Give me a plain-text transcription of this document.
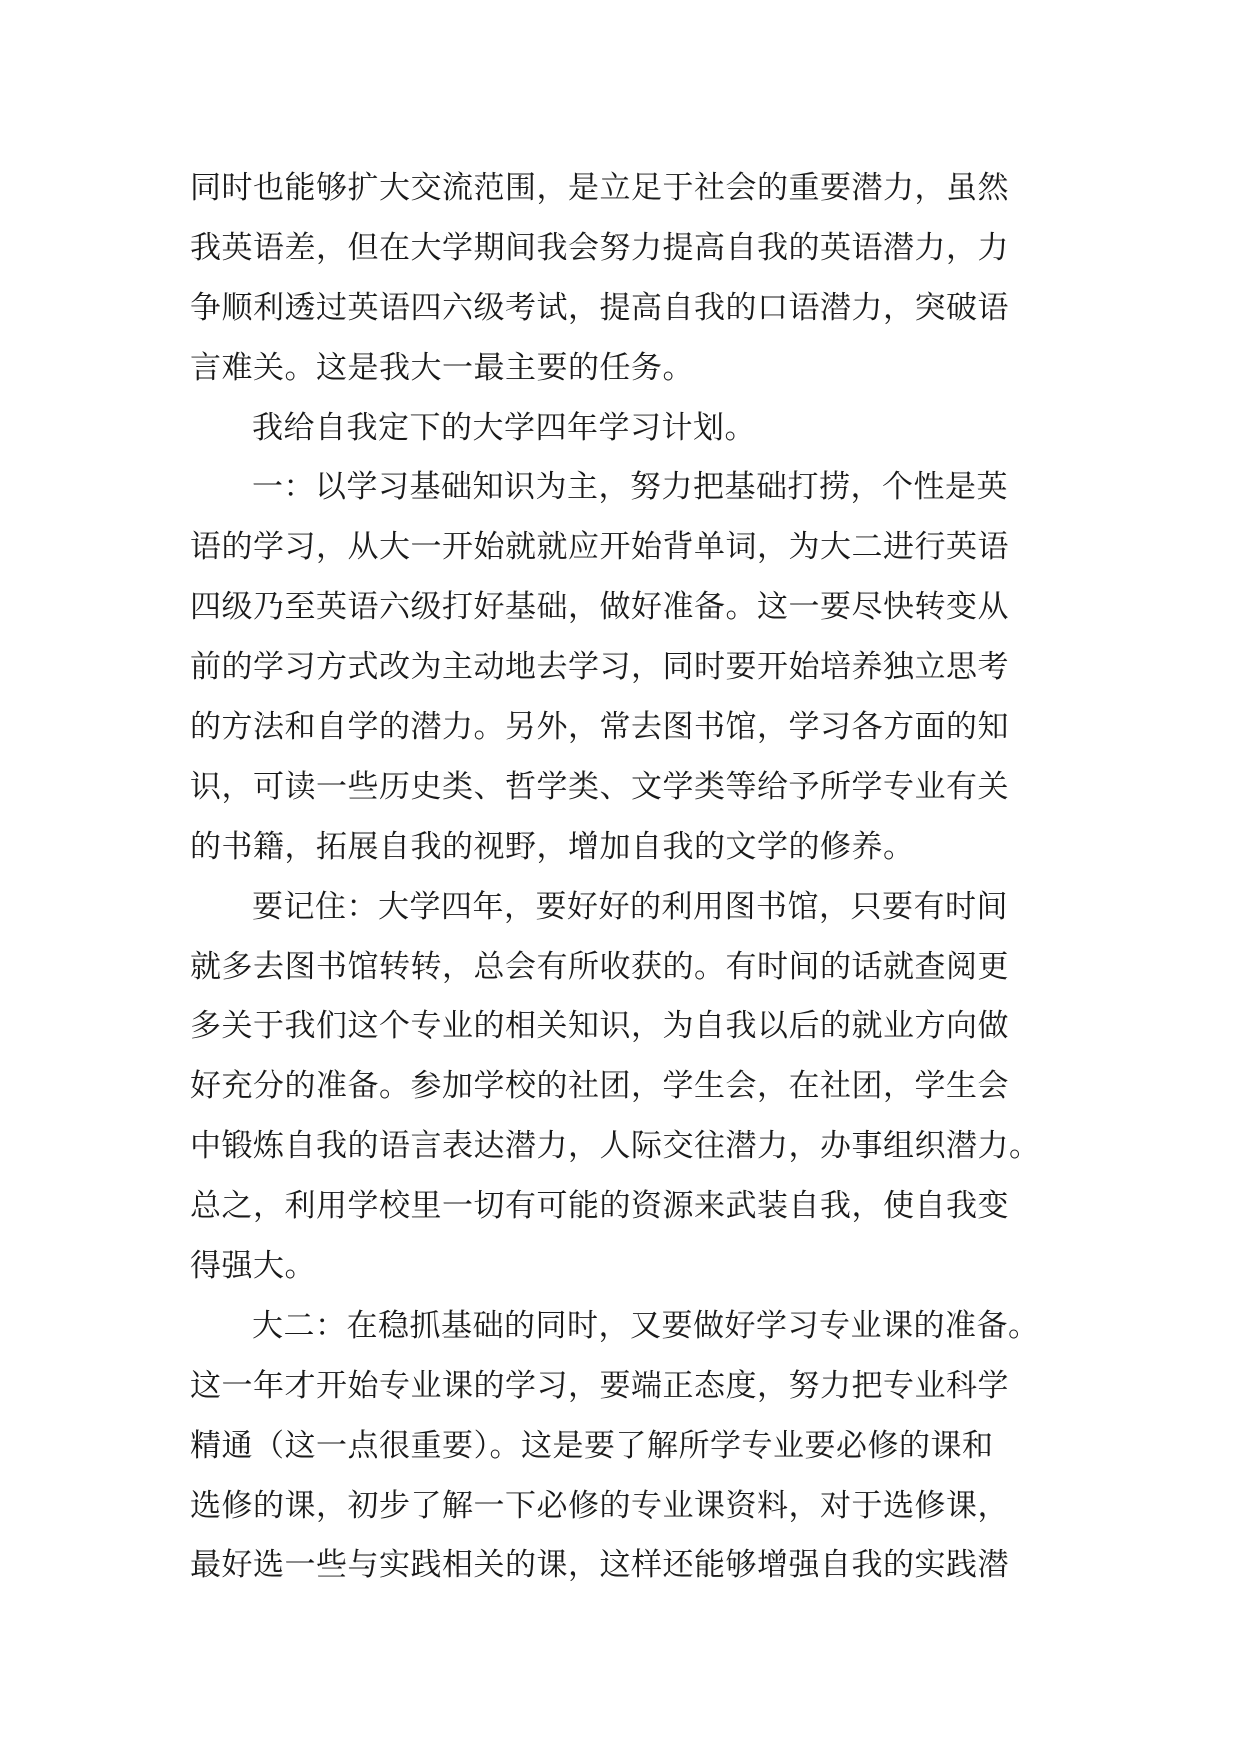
同时也能够扩大交流范围，是立足于社会的重要潜力，虽然
我英语差，但在大学期间我会努力提高自我的英语潜力，力
争顺利透过英语四六级考试，提高自我的口语潜力，突破语
言难关。这是我大一最主要的任务。
我给自我定下的大学四年学习计划。
一：以学习基础知识为主，努力把基础打捞，个性是英
语的学习，从大一开始就就应开始背单词，为大二进行英语
四级乃至英语六级打好基础，做好准备。这一要尽快转变从
前的学习方式改为主动地去学习，同时要开始培养独立思考
的方法和自学的潜力。另外，常去图书馆，学习各方面的知
识，可读一些历史类、哲学类、文学类等给予所学专业有关
的书籍，拓展自我的视野，增加自我的文学的修养。
要记住：大学四年，要好好的利用图书馆，只要有时间
就多去图书馆转转，总会有所收获的。有时间的话就查阅更
多关于我们这个专业的相关知识，为自我以后的就业方向做
好充分的准备。参加学校的社团，学生会，在社团，学生会
中锻炼自我的语言表达潜力，人际交往潜力，办事组织潜力。
总之，利用学校里一切有可能的资源来武装自我，使自我变
得强大。
大二：在稳抓基础的同时，又要做好学习专业课的准备。
这一年才开始专业课的学习，要端正态度，努力把专业科学
精通（这一点很重要）。这是要了解所学专业要必修的课和
选修的课，初步了解一下必修的专业课资料，对于选修课，
最好选一些与实践相关的课，这样还能够增强自我的实践潜
